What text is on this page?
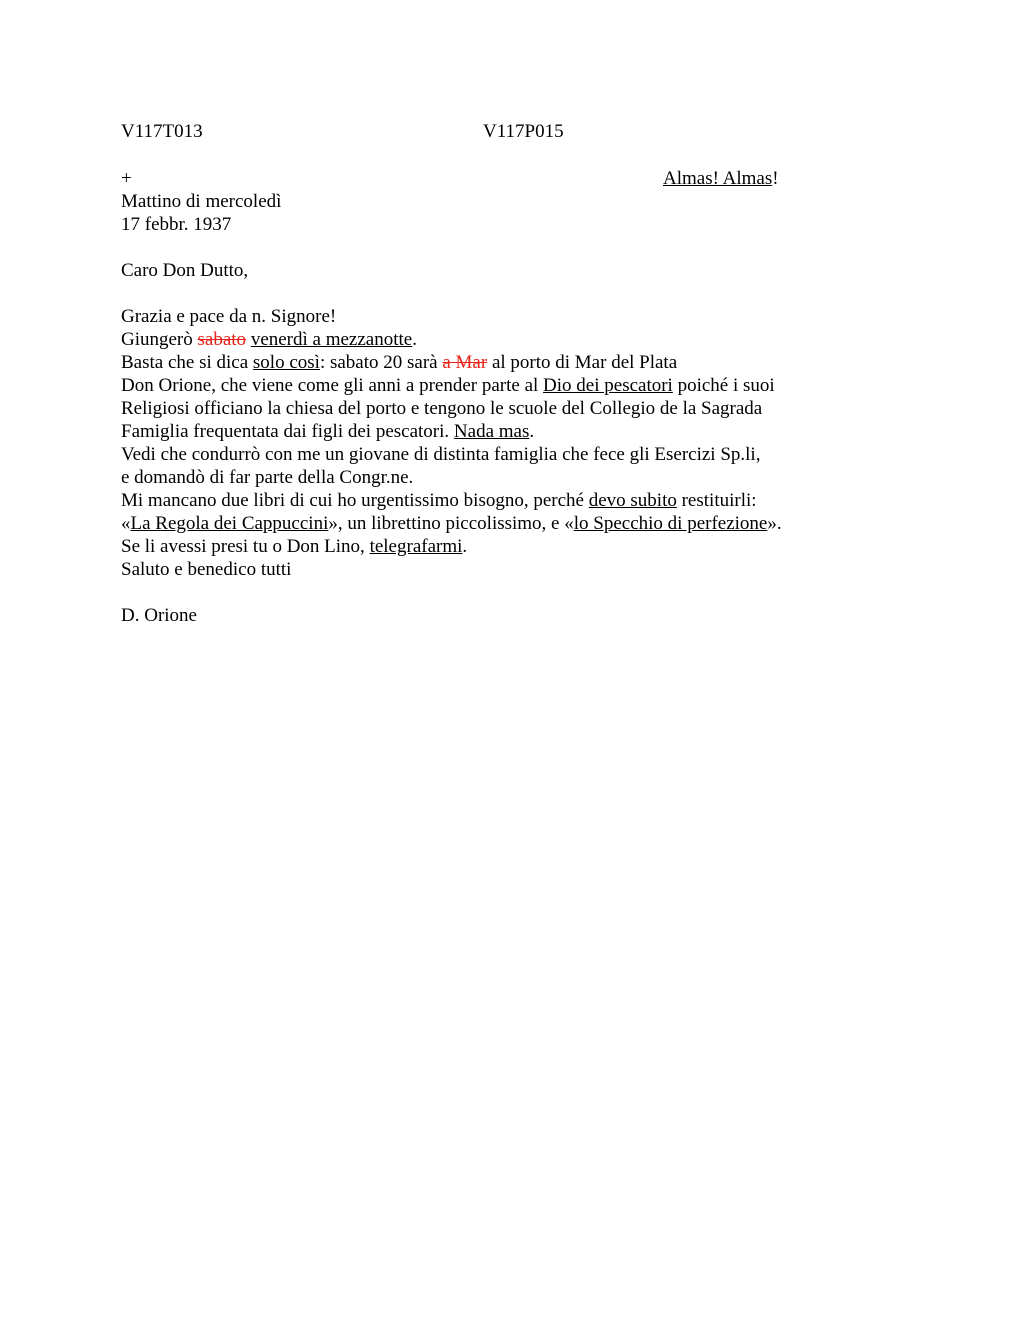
V117T013	V117P015
+	Almas! Almas!
Mattino di mercoledì
17 febbr. 1937
Caro Don Dutto,
Grazia e pace da n. Signore!
Giungerò sabato venerdì a mezzanotte.
Basta che si dica solo così: sabato 20 sarà a Mar al porto di Mar del Plata
Don Orione, che viene come gli anni a prender parte al Dio dei pescatori poiché i suoi
Religiosi officiano la chiesa del porto e tengono le scuole del Collegio de la Sagrada
Famiglia frequentata dai figli dei pescatori. Nada mas.
Vedi che condurrò con me un giovane di distinta famiglia che fece gli Esercizi Sp.li,
e domandò di far parte della Congr.ne.
Mi mancano due libri di cui ho urgentissimo bisogno, perché devo subito restituirli:
«La Regola dei Cappuccini», un librettino piccolissimo, e «lo Specchio di perfezione».
Se li avessi presi tu o Don Lino, telegrafarmi.
Saluto e benedico tutti
D. Orione
